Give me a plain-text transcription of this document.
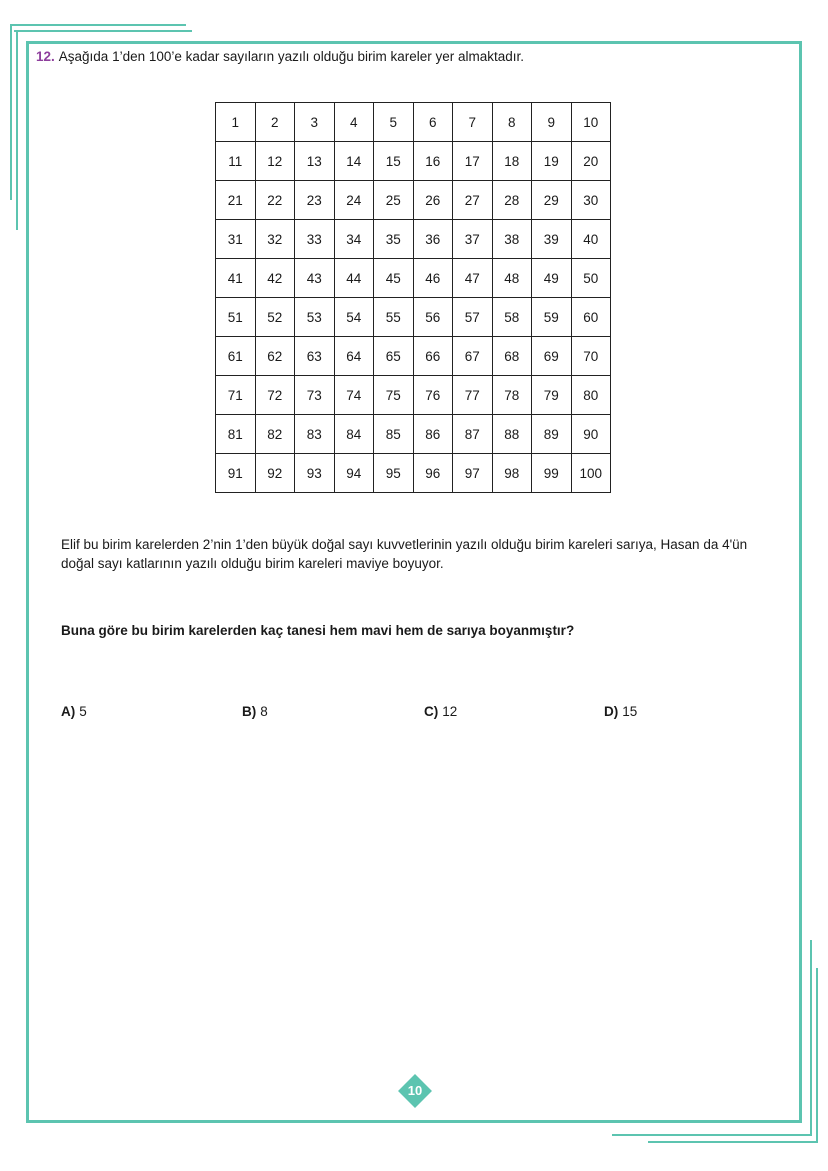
12. Aşağıda 1’den 100’e kadar sayıların yazılı olduğu birim kareler yer almaktadır.
1	2	3	4	5	6	7	8	9	10
11	12	13	14	15	16	17	18	19	20
21	22	23	24	25	26	27	28	29	30
31	32	33	34	35	36	37	38	39	40
41	42	43	44	45	46	47	48	49	50
51	52	53	54	55	56	57	58	59	60
61	62	63	64	65	66	67	68	69	70
71	72	73	74	75	76	77	78	79	80
81	82	83	84	85	86	87	88	89	90
91	92	93	94	95	96	97	98	99	100
Elif bu birim karelerden 2’nin 1’den büyük doğal sayı kuvvetlerinin yazılı olduğu birim kareleri sarıya, Hasan da 4'ün
doğal sayı katlarının yazılı olduğu birim kareleri maviye boyuyor.
Buna göre bu birim karelerden kaç tanesi hem mavi hem de sarıya boyanmıştır?
A) 5	B) 8	C) 12	D) 15
10
